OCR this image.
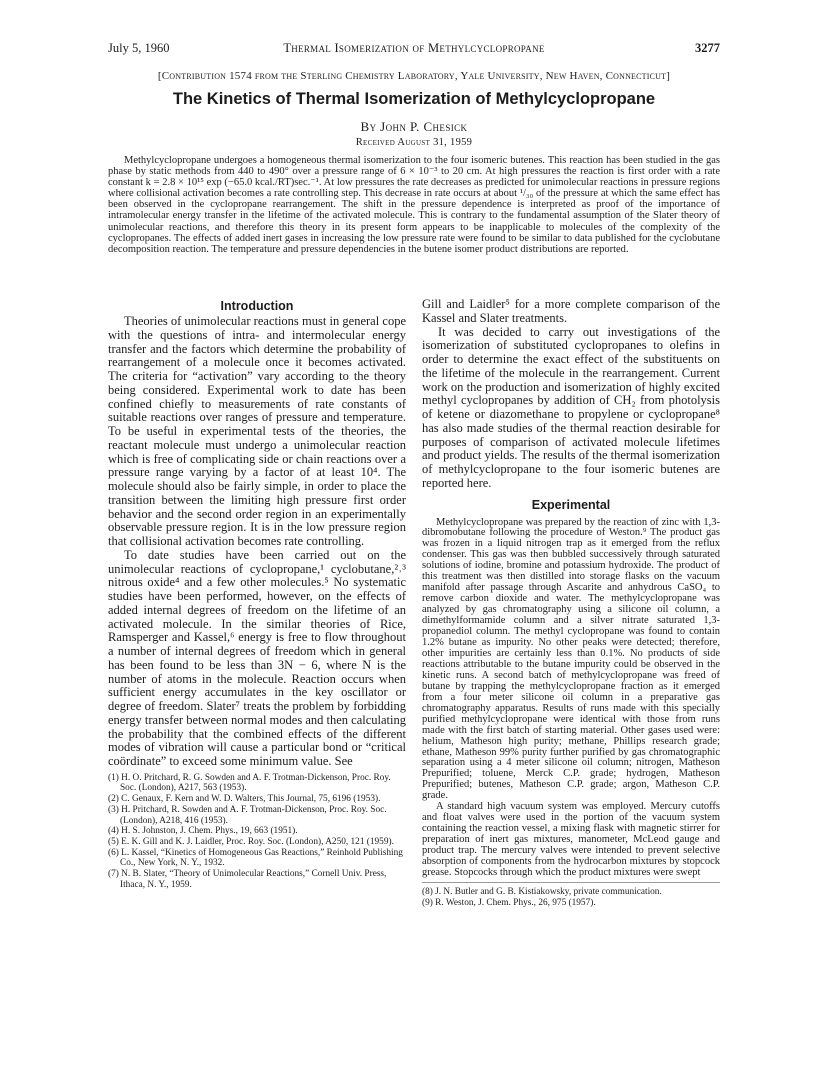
July 5, 1960	Thermal Isomerization of Methylcyclopropane	3277
[Contribution 1574 from the Sterling Chemistry Laboratory, Yale University, New Haven, Connecticut]
The Kinetics of Thermal Isomerization of Methylcyclopropane
By John P. Chesick
Received August 31, 1959
Methylcyclopropane undergoes a homogeneous thermal isomerization to the four isomeric butenes. This reaction has been studied in the gas phase by static methods from 440 to 490° over a pressure range of 6 × 10⁻³ to 20 cm. At high pressures the reaction is first order with a rate constant k = 2.8 × 10¹⁵ exp (−65.0 kcal./RT)sec.⁻¹. At low pressures the rate decreases as predicted for unimolecular reactions in pressure regions where collisional activation becomes a rate controlling step. This decrease in rate occurs at about ¹/₃₀ of the pressure at which the same effect has been observed in the cyclopropane rearrangement. The shift in the pressure dependence is interpreted as proof of the importance of intramolecular energy transfer in the lifetime of the activated molecule. This is contrary to the fundamental assumption of the Slater theory of unimolecular reactions, and therefore this theory in its present form appears to be inapplicable to molecules of the complexity of the cyclopropanes. The effects of added inert gases in increasing the low pressure rate were found to be similar to data published for the cyclobutane decomposition reaction. The temperature and pressure dependencies in the butene isomer product distributions are reported.
Introduction

Theories of unimolecular reactions must in general cope with the questions of intra- and intermolecular energy transfer and the factors which determine the probability of rearrangement of a molecule once it becomes activated. The criteria for “activation” vary according to the theory being considered. Experimental work to date has been confined chiefly to measurements of rate constants of suitable reactions over ranges of pressure and temperature. To be useful in experimental tests of the theories, the reactant molecule must undergo a unimolecular reaction which is free of complicating side or chain reactions over a pressure range varying by a factor of at least 10⁴. The molecule should also be fairly simple, in order to place the transition between the limiting high pressure first order behavior and the second order region in an experimentally observable pressure region. It is in the low pressure region that collisional activation becomes rate controlling.

To date studies have been carried out on the unimolecular reactions of cyclopropane,¹ cyclobutane,²˒³ nitrous oxide⁴ and a few other molecules.⁵ No systematic studies have been performed, however, on the effects of added internal degrees of freedom on the lifetime of an activated molecule. In the similar theories of Rice, Ramsperger and Kassel,⁶ energy is free to flow throughout a number of internal degrees of freedom which in general has been found to be less than 3N − 6, where N is the number of atoms in the molecule. Reaction occurs when sufficient energy accumulates in the key oscillator or degree of freedom. Slater⁷ treats the problem by forbidding energy transfer between normal modes and then calculating the probability that the combined effects of the different modes of vibration will cause a particular bond or “critical coördinate” to exceed some minimum value. See

(1) H. O. Pritchard, R. G. Sowden and A. F. Trotman-Dickenson, Proc. Roy. Soc. (London), A217, 563 (1953).
(2) C. Genaux, F. Kern and W. D. Walters, This Journal, 75, 6196 (1953).
(3) H. Pritchard, R. Sowden and A. F. Trotman-Dickenson, Proc. Roy. Soc. (London), A218, 416 (1953).
(4) H. S. Johnston, J. Chem. Phys., 19, 663 (1951).
(5) E. K. Gill and K. J. Laidler, Proc. Roy. Soc. (London), A250, 121 (1959).
(6) L. Kassel, “Kinetics of Homogeneous Gas Reactions,” Reinhold Publishing Co., New York, N. Y., 1932.
(7) N. B. Slater, “Theory of Unimolecular Reactions,” Cornell Univ. Press, Ithaca, N. Y., 1959.

Gill and Laidler⁵ for a more complete comparison of the Kassel and Slater treatments.

It was decided to carry out investigations of the isomerization of substituted cyclopropanes to olefins in order to determine the exact effect of the substituents on the lifetime of the molecule in the rearrangement. Current work on the production and isomerization of highly excited methyl cyclopropanes by addition of CH₂ from photolysis of ketene or diazomethane to propylene or cyclopropane⁸ has also made studies of the thermal reaction desirable for purposes of comparison of activated molecule lifetimes and product yields. The results of the thermal isomerization of methylcyclopropane to the four isomeric butenes are reported here.

Experimental

Methylcyclopropane was prepared by the reaction of zinc with 1,3-dibromobutane following the procedure of Weston.⁹ The product gas was frozen in a liquid nitrogen trap as it emerged from the reflux condenser. This gas was then bubbled successively through saturated solutions of iodine, bromine and potassium hydroxide. The product of this treatment was then distilled into storage flasks on the vacuum manifold after passage through Ascarite and anhydrous CaSO₄ to remove carbon dioxide and water. The methylcyclopropane was analyzed by gas chromatography using a silicone oil column, a dimethylformamide column and a silver nitrate saturated 1,3-propanediol column. The methyl cyclopropane was found to contain 1.2% butane as impurity. No other peaks were detected; therefore, other impurities are certainly less than 0.1%. No products of side reactions attributable to the butane impurity could be observed in the kinetic runs. A second batch of methylcyclopropane was freed of butane by trapping the methylcyclopropane fraction as it emerged from a four meter silicone oil column in a preparative gas chromatography apparatus. Results of runs made with this specially purified methylcyclopropane were identical with those from runs made with the first batch of starting material. Other gases used were: helium, Matheson high purity; methane, Phillips research grade; ethane, Matheson 99% purity further purified by gas chromatographic separation using a 4 meter silicone oil column; nitrogen, Matheson Prepurified; toluene, Merck C.P. grade; hydrogen, Matheson Prepurified; butenes, Matheson C.P. grade; argon, Matheson C.P. grade.

A standard high vacuum system was employed. Mercury cutoffs and float valves were used in the portion of the vacuum system containing the reaction vessel, a mixing flask with magnetic stirrer for preparation of inert gas mixtures, manometer, McLeod gauge and product trap. The mercury valves were intended to prevent selective absorption of components from the hydrocarbon mixtures by stopcock grease. Stopcocks through which the product mixtures were swept

(8) J. N. Butler and G. B. Kistiakowsky, private communication.
(9) R. Weston, J. Chem. Phys., 26, 975 (1957).
